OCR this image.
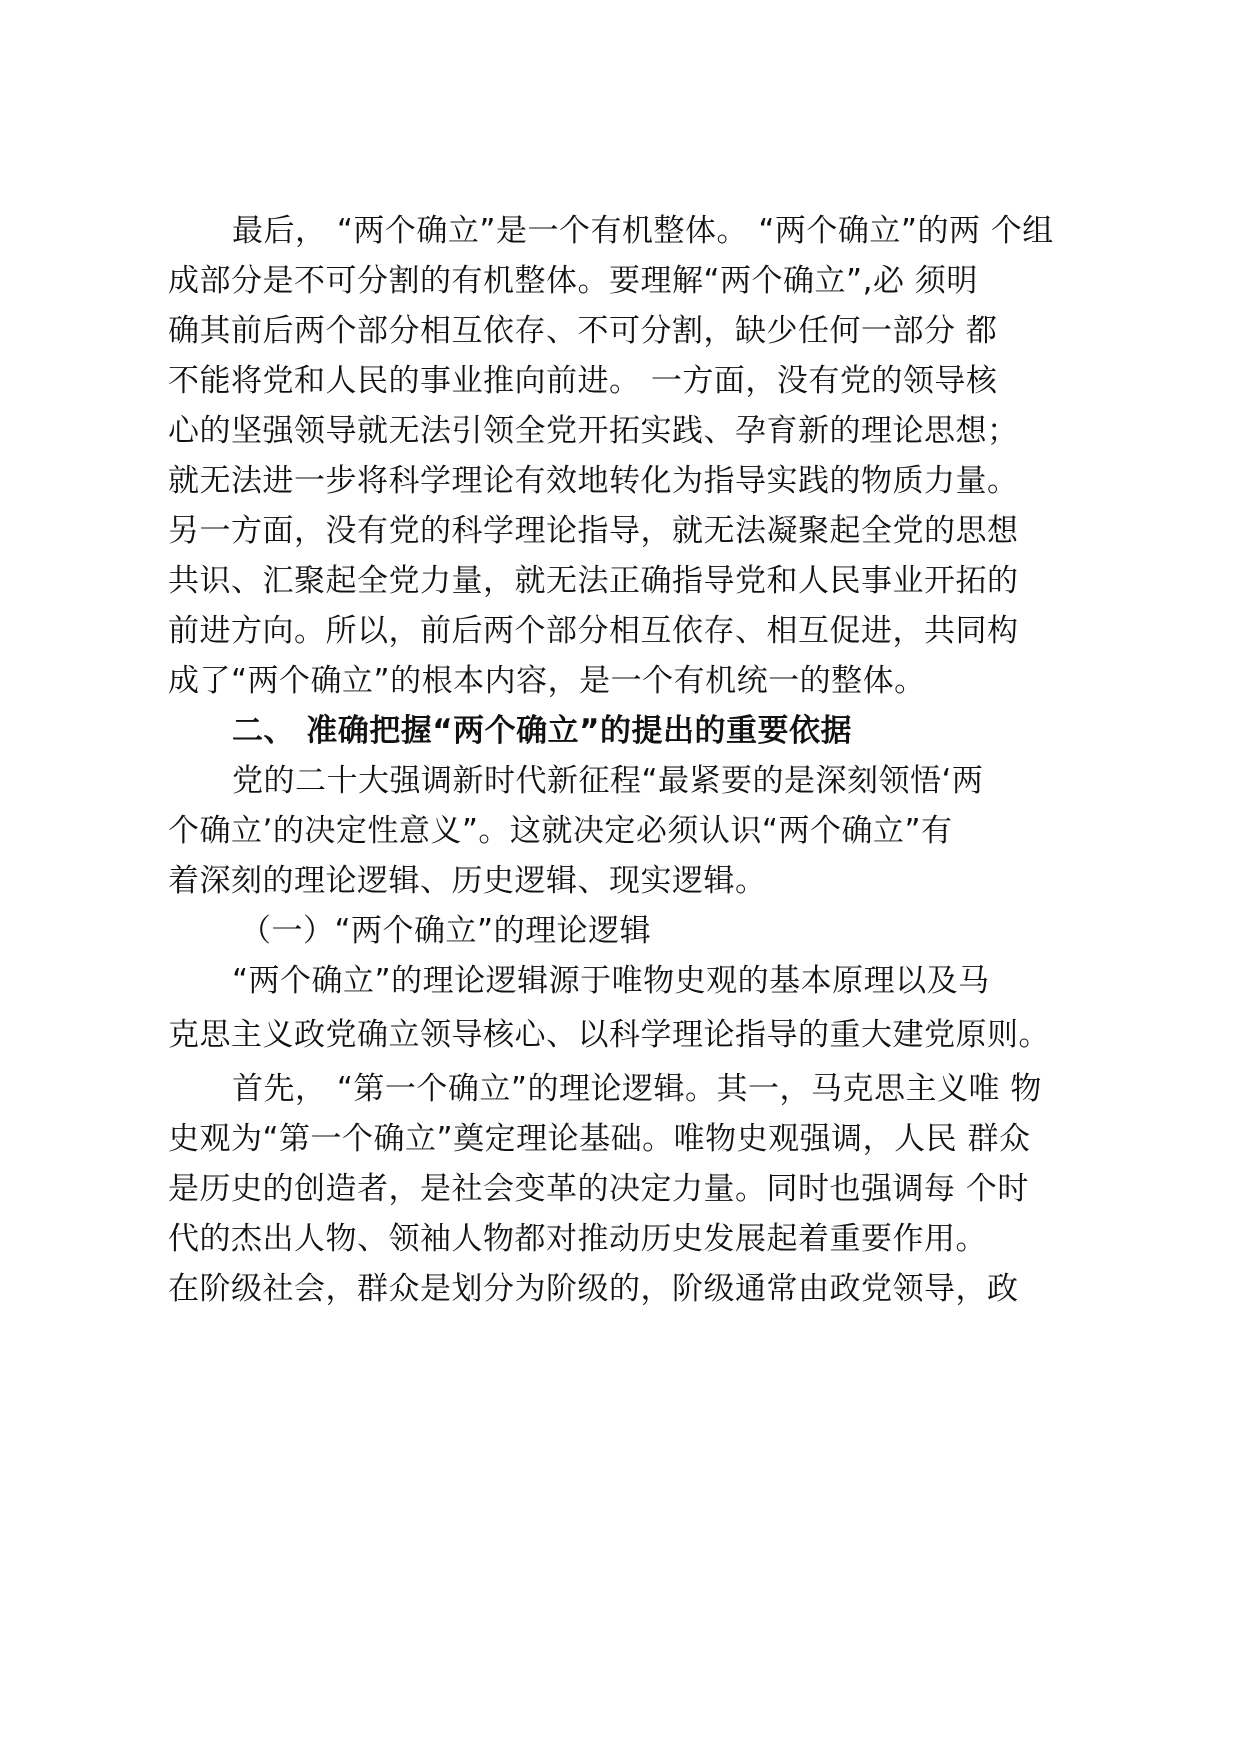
最后， “两个确立”是一个有机整体。 “两个确立”的两 个组
成部分是不可分割的有机整体。要理解“两个确立”,必 须明
确其前后两个部分相互依存、不可分割，缺少任何一部分 都
不能将党和人民的事业推向前进。 一方面，没有党的领导核
心的坚强领导就无法引领全党开拓实践、孕育新的理论思想；
就无法进一步将科学理论有效地转化为指导实践的物质力量。
另一方面，没有党的科学理论指导，就无法凝聚起全党的思想
共识、汇聚起全党力量，就无法正确指导党和人民事业开拓的
前进方向。所以，前后两个部分相互依存、相互促进，共同构
成了“两个确立”的根本内容，是一个有机统一的整体。
二、 准确把握“两个确立”的提出的重要依据
党的二十大强调新时代新征程“最紧要的是深刻领悟‘两
个确立’的决定性意义”。这就决定必须认识“两个确立”有
着深刻的理论逻辑、历史逻辑、现实逻辑。
（一）“两个确立”的理论逻辑
“两个确立”的理论逻辑源于唯物史观的基本原理以及马
克思主义政党确立领导核心、以科学理论指导的重大建党原则。
首先， “第一个确立”的理论逻辑。其一，马克思主义唯 物
史观为“第一个确立”奠定理论基础。唯物史观强调，人民 群众
是历史的创造者，是社会变革的决定力量。同时也强调每 个时
代的杰出人物、领袖人物都对推动历史发展起着重要作用。
在阶级社会，群众是划分为阶级的，阶级通常由政党领导，政
